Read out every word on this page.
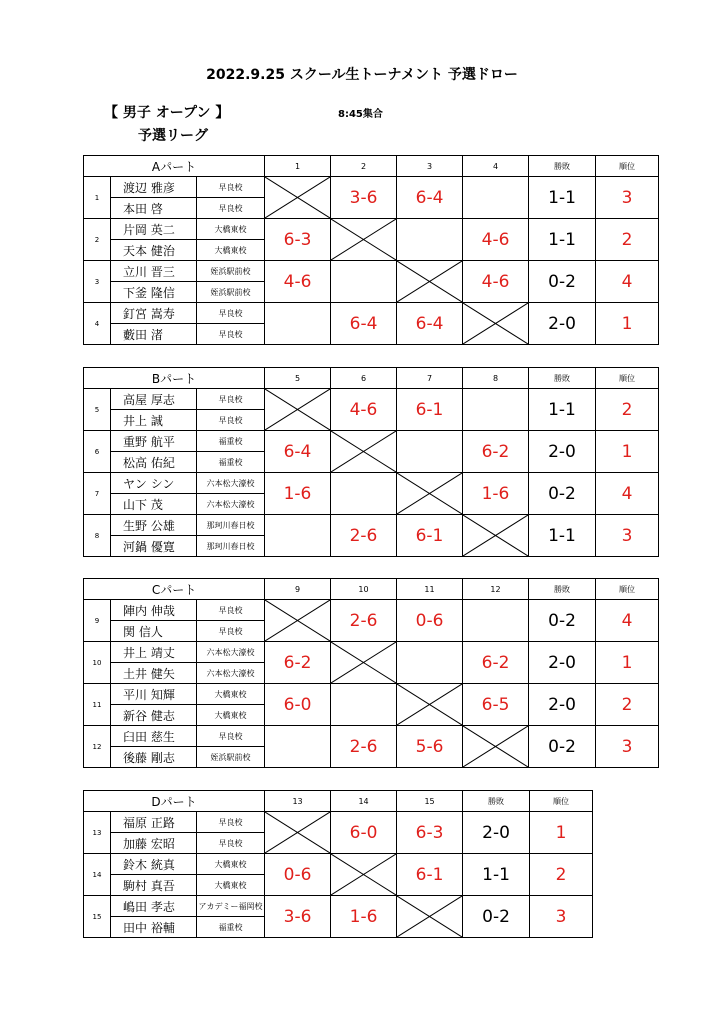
2022.9.25 スクール生トーナメント 予選ドロー
【 男子 オープン 】	8:45集合
予選リーグ
Aパート			1	2	3	4	勝敗	順位
1	渡辺 雅彦	早良校		3-6	6-4		1-1	3
	本田 啓	早良校						
2	片岡 英二	大橋東校	6-3			4-6	1-1	2
	天本 健治	大橋東校						
3	立川 晋三	姪浜駅前校	4-6			4-6	0-2	4
	下釜 隆信	姪浜駅前校						
4	釘宮 嵩寿	早良校		6-4	6-4		2-0	1
	藪田 渚	早良校						
Bパート			5	6	7	8	勝敗	順位
5	高屋 厚志	早良校		4-6	6-1		1-1	2
	井上 誠	早良校						
6	重野 航平	福重校	6-4			6-2	2-0	1
	松高 佑紀	福重校						
7	ヤン シン	六本松大濠校	1-6			1-6	0-2	4
	山下 茂	六本松大濠校						
8	生野 公雄	那珂川春日校		2-6	6-1		1-1	3
	河鍋 優寛	那珂川春日校						
Cパート			9	10	11	12	勝敗	順位
9	陣内 伸哉	早良校		2-6	0-6		0-2	4
	関 信人	早良校						
10	井上 靖丈	六本松大濠校	6-2			6-2	2-0	1
	土井 健矢	六本松大濠校						
11	平川 知輝	大橋東校	6-0			6-5	2-0	2
	新谷 健志	大橋東校						
12	臼田 慈生	早良校		2-6	5-6		0-2	3
	後藤 剛志	姪浜駅前校						
Dパート			13	14	15	勝敗	順位
13	福原 正路	早良校		6-0	6-3	2-0	1
	加藤 宏昭	早良校					
14	鈴木 統真	大橋東校	0-6		6-1	1-1	2
	駒村 真吾	大橋東校					
15	嶋田 孝志	アカデミー福岡校	3-6	1-6		0-2	3
	田中 裕輔	福重校					
